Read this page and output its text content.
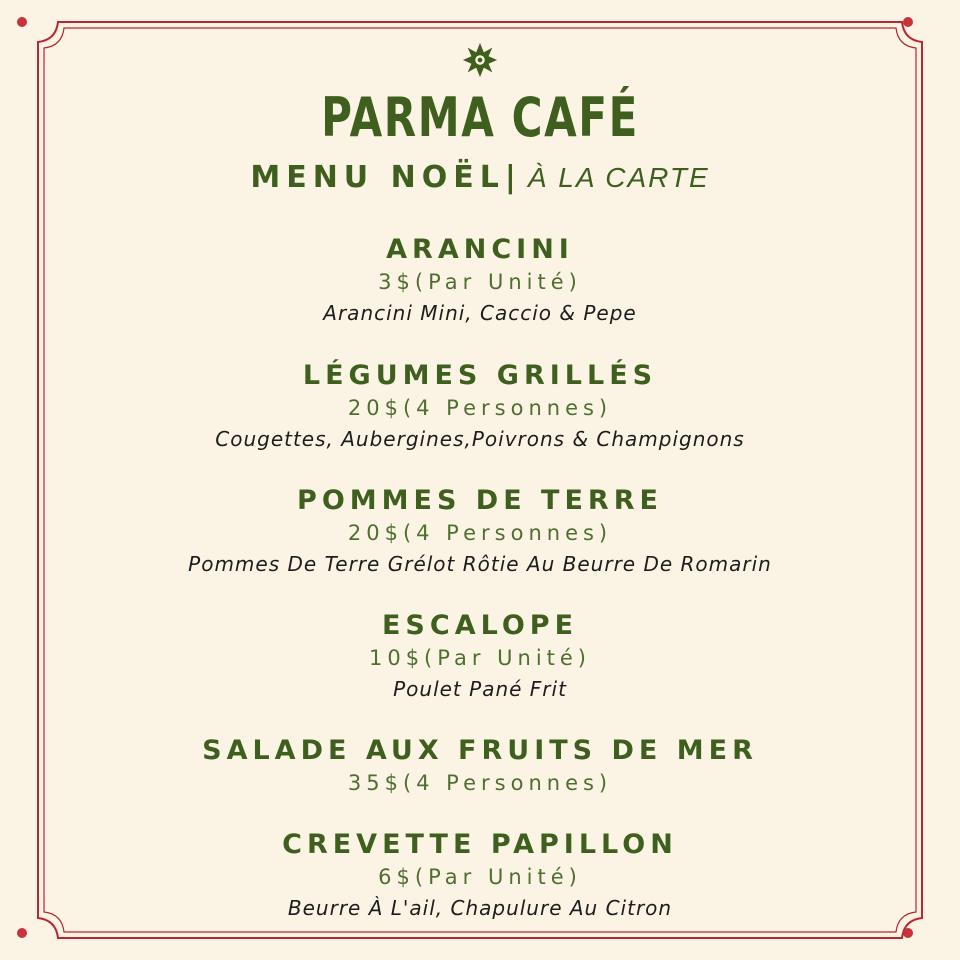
PARMA CAFÉ
MENU NOËL| À LA CARTE
ARANCINI
3$(Par Unité)
Arancini Mini, Caccio & Pepe
LÉGUMES GRILLÉS
20$(4 Personnes)
Cougettes, Aubergines,Poivrons & Champignons
POMMES DE TERRE
20$(4 Personnes)
Pommes De Terre Grélot Rôtie Au Beurre De Romarin
ESCALOPE
10$(Par Unité)
Poulet Pané Frit
SALADE AUX FRUITS DE MER
35$(4 Personnes)
CREVETTE PAPILLON
6$(Par Unité)
Beurre À L'ail, Chapulure Au Citron
